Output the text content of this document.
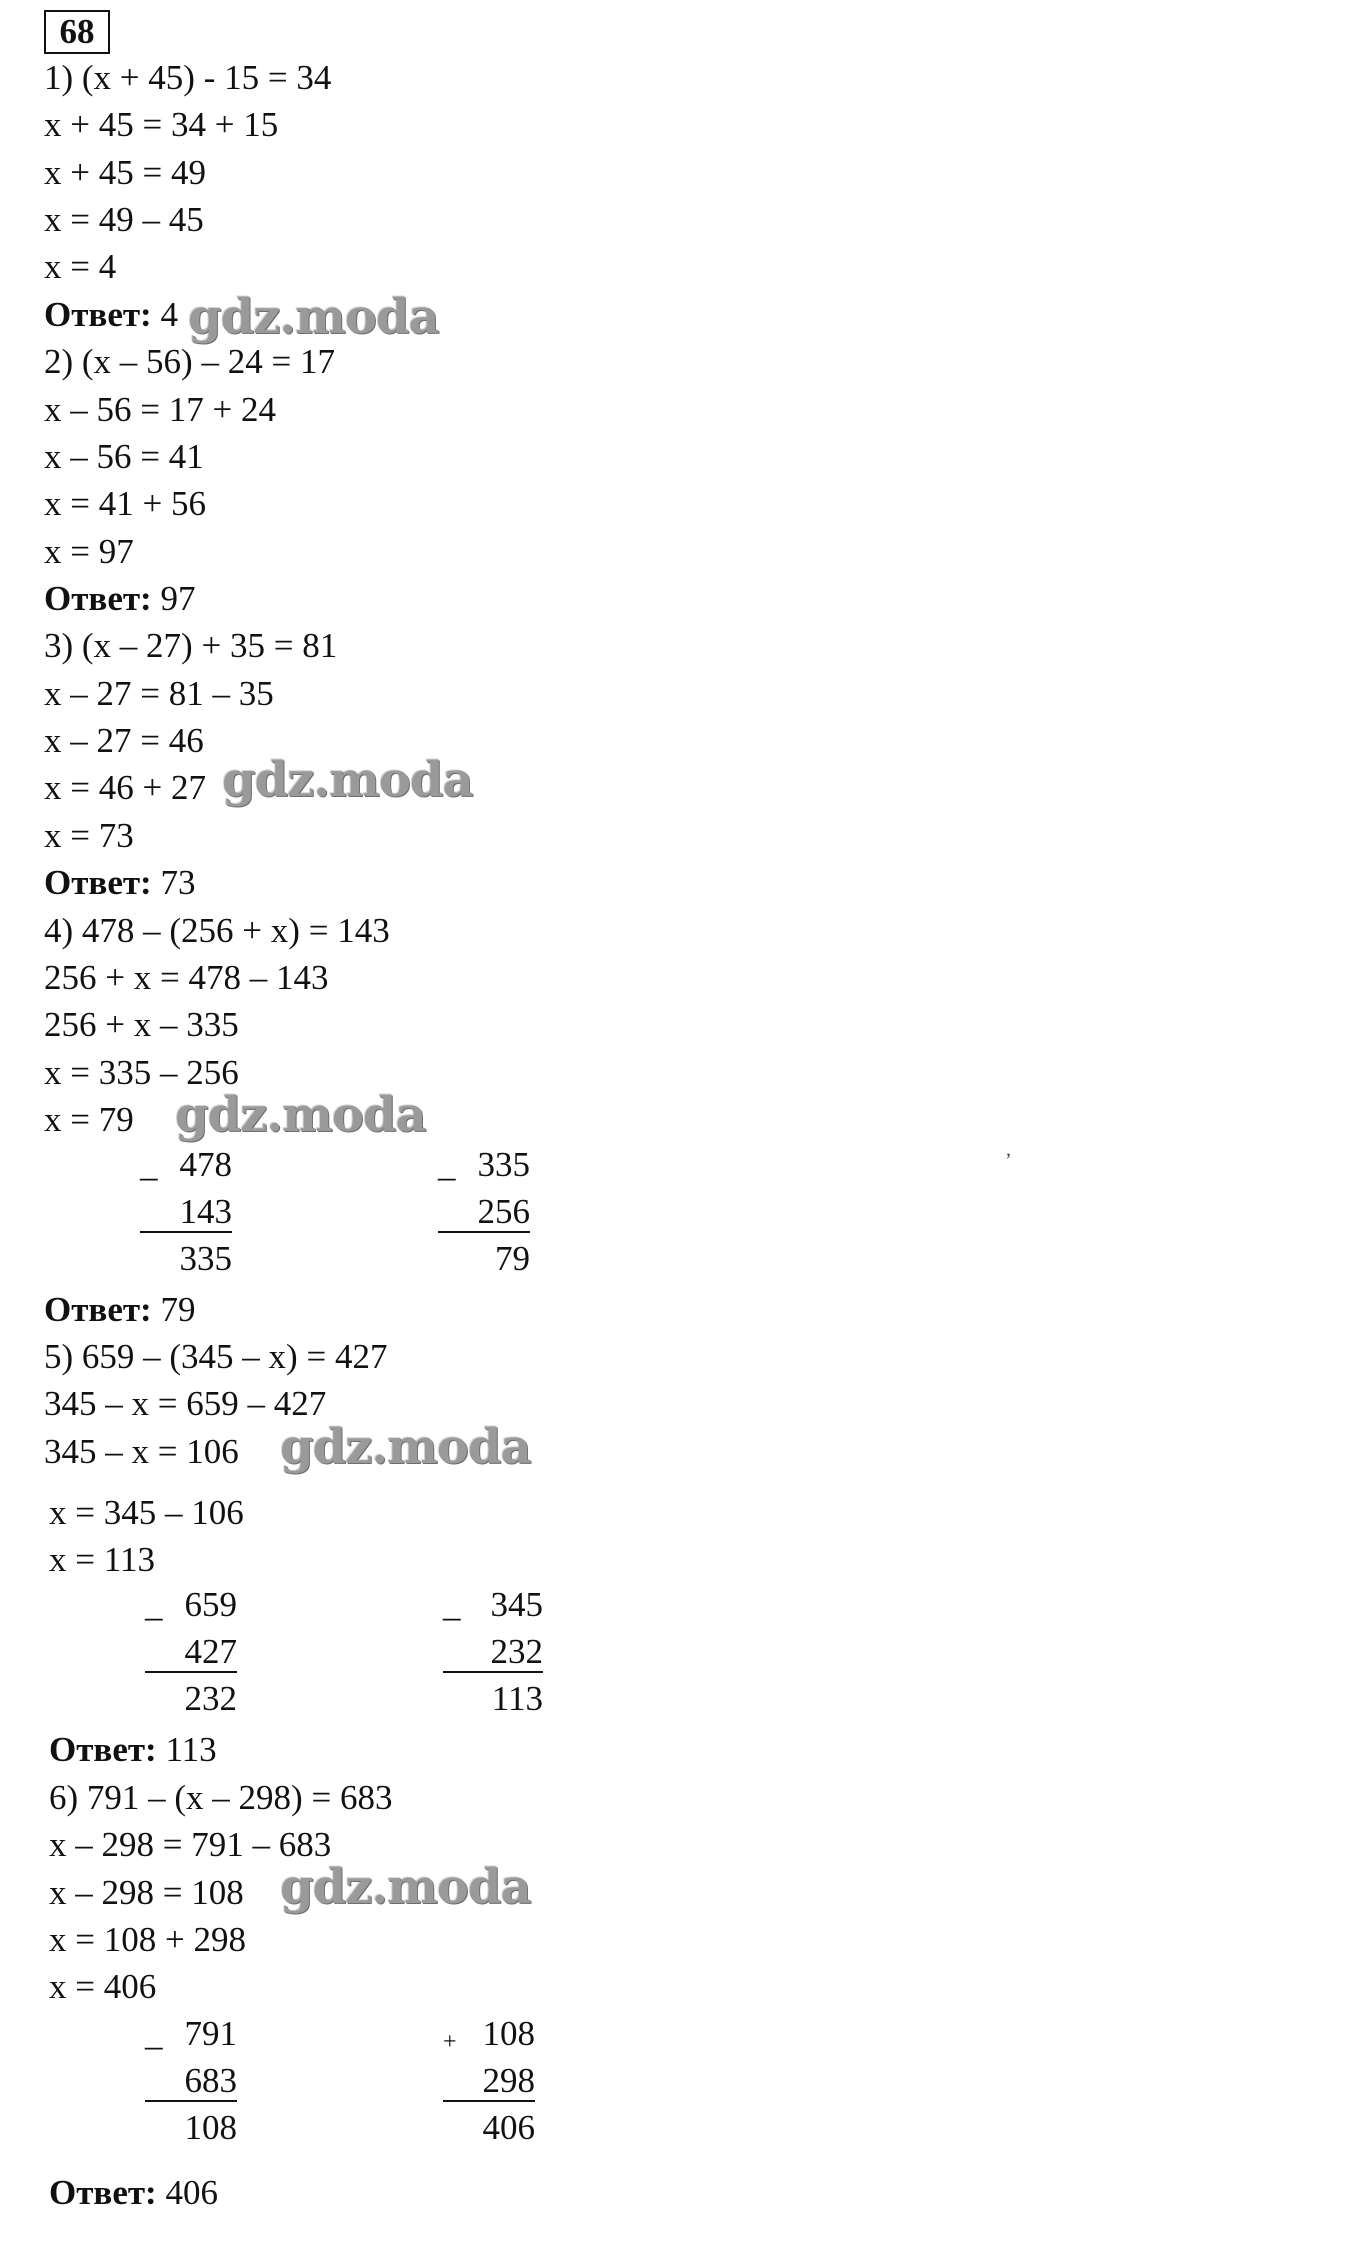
68
1) (x + 45) - 15 = 34
x + 45 = 34 + 15
x + 45 = 49
x = 49 – 45
x = 4
Ответ: 4
2) (x – 56) – 24 = 17
x – 56 = 17 + 24
x – 56 = 41
x = 41 + 56
x = 97
Ответ: 97
3) (x – 27) + 35 = 81
x – 27 = 81 – 35
x – 27 = 46
x = 46 + 27
x = 73
Ответ: 73
4) 478 – (256 + x) = 143
256 + x = 478 – 143
256 + x – 335
x = 335 – 256
x = 79
_ 478
143
335
_ 335
256
79
ʼ
Ответ: 79
5) 659 – (345 – x) = 427
345 – x = 659 – 427
345 – x = 106
x = 345 – 106
x = 113
_ 659
427
232
_ 345
232
113
Ответ: 113
6) 791 – (x – 298) = 683
x – 298 = 791 – 683
x – 298 = 108
x = 108 + 298
x = 406
_ 791
683
108
+ 108
298
406
Ответ: 406
gdz.moda
gdz.moda
gdz.moda
gdz.moda
gdz.moda
